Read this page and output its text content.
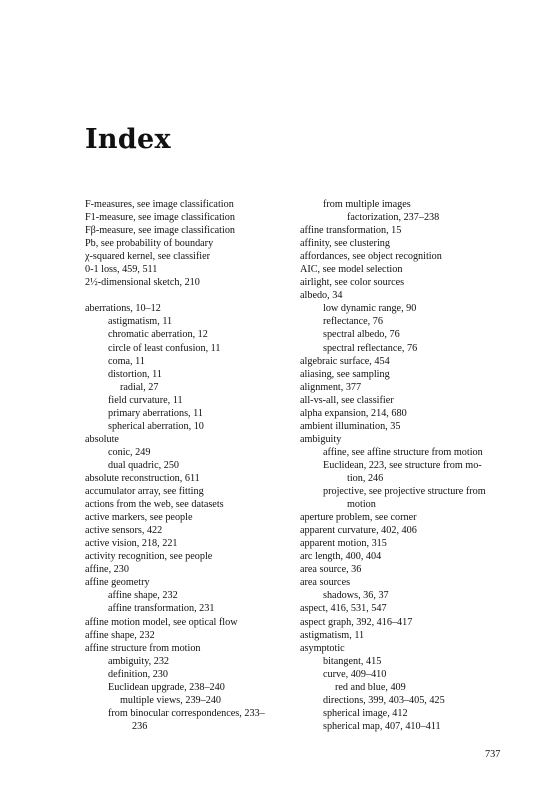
Index
F-measures, see image classification
F1-measure, see image classification
Fβ-measure, see image classification
Pb, see probability of boundary
χ-squared kernel, see classifier
0-1 loss, 459, 511
2½-dimensional sketch, 210
aberrations, 10–12
astigmatism, 11
chromatic aberration, 12
circle of least confusion, 11
coma, 11
distortion, 11
radial, 27
field curvature, 11
primary aberrations, 11
spherical aberration, 10
absolute
conic, 249
dual quadric, 250
absolute reconstruction, 611
accumulator array, see fitting
actions from the web, see datasets
active markers, see people
active sensors, 422
active vision, 218, 221
activity recognition, see people
affine, 230
affine geometry
affine shape, 232
affine transformation, 231
affine motion model, see optical flow
affine shape, 232
affine structure from motion
ambiguity, 232
definition, 230
Euclidean upgrade, 238–240
multiple views, 239–240
from binocular correspondences, 233–
236
from multiple images
factorization, 237–238
affine transformation, 15
affinity, see clustering
affordances, see object recognition
AIC, see model selection
airlight, see color sources
albedo, 34
low dynamic range, 90
reflectance, 76
spectral albedo, 76
spectral reflectance, 76
algebraic surface, 454
aliasing, see sampling
alignment, 377
all-vs-all, see classifier
alpha expansion, 214, 680
ambient illumination, 35
ambiguity
affine, see affine structure from motion
Euclidean, 223, see structure from mo-
tion, 246
projective, see projective structure from
motion
aperture problem, see corner
apparent curvature, 402, 406
apparent motion, 315
arc length, 400, 404
area source, 36
area sources
shadows, 36, 37
aspect, 416, 531, 547
aspect graph, 392, 416–417
astigmatism, 11
asymptotic
bitangent, 415
curve, 409–410
red and blue, 409
directions, 399, 403–405, 425
spherical image, 412
spherical map, 407, 410–411
737
